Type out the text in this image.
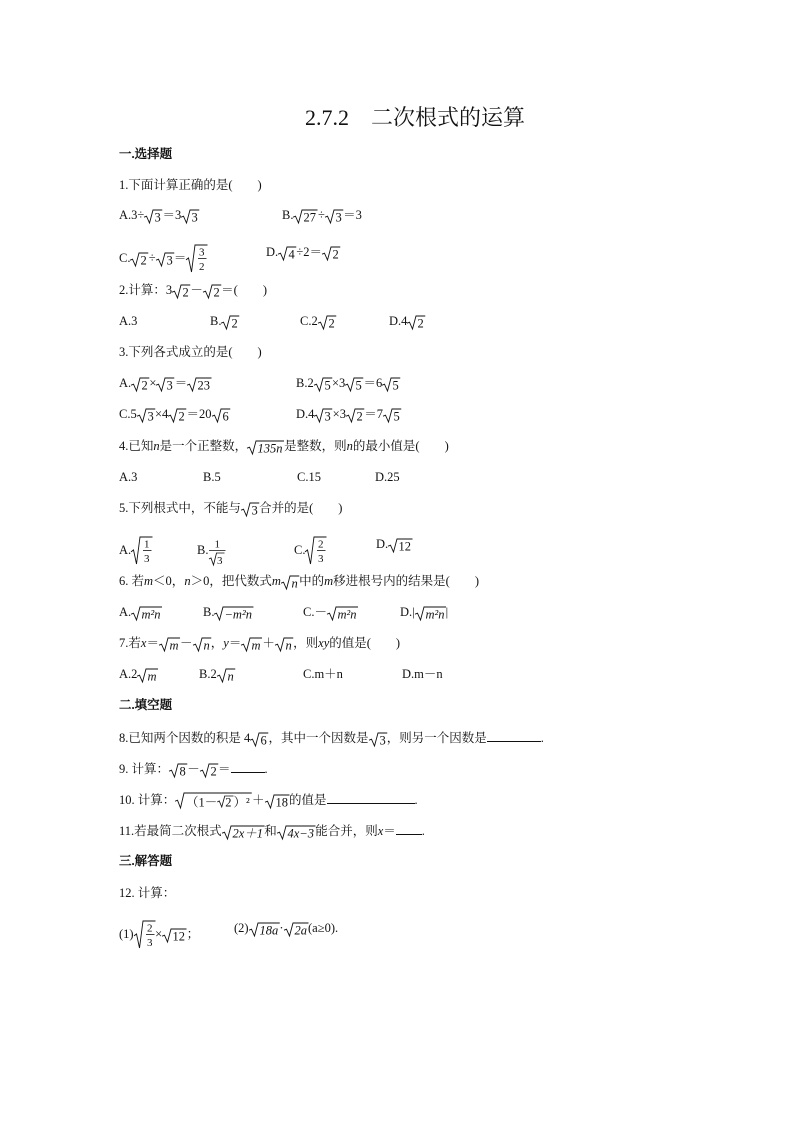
2.7.2　二次根式的运算
一.选择题
1.下面计算正确的是(　　)
A.3÷ 3 ＝3 3	B. 27 ÷ 3 ＝3
C. 2 ÷ 3 ＝ 3
2
D. 4 ÷2＝ 2
2.计算：3 2 － 2 ＝(　　)
A.3	B. 2	C.2 2	D.4 2
3.下列各式成立的是(　　)
A. 2 × 3 ＝ 23	B.2 5 ×3 5 ＝6 5
C.5 3 ×4 2 ＝20 6	D.4 3 ×3 2 ＝7 5
4.已知n是一个正整数， 135n 是整数，则n的最小值是(　　)
A.3	B.5	C.15	D.25
5.下列根式中，不能与 3 合并的是(　　)
A. 1
3
B. 1
3
C. 2
3
D. 12
6. 若m＜0，n＞0，把代数式m n 中的m移进根号内的结果是(　　)
A. m²n	B. −m²n	C.－ m²n	D.| m²n |
7.若x＝ m － n ，y＝ m ＋ n ，则xy的值是(　　)
A.2 m	B.2 n	C.m＋n	D.m－n
二.填空题
8.已知两个因数的积是 4 6 ，其中一个因数是 3 ，则另一个因数是	.
9. 计算： 8 － 2 ＝	.
10. 计算： （1－ 2 ）² ＋ 18 的值是	.
11.若最简二次根式 2x＋1 和 4x−3 能合并，则x＝ .
三.解答题
12. 计算：
(1) 2
3
× 12 ；	(2) 18a · 2a (a≥0).
